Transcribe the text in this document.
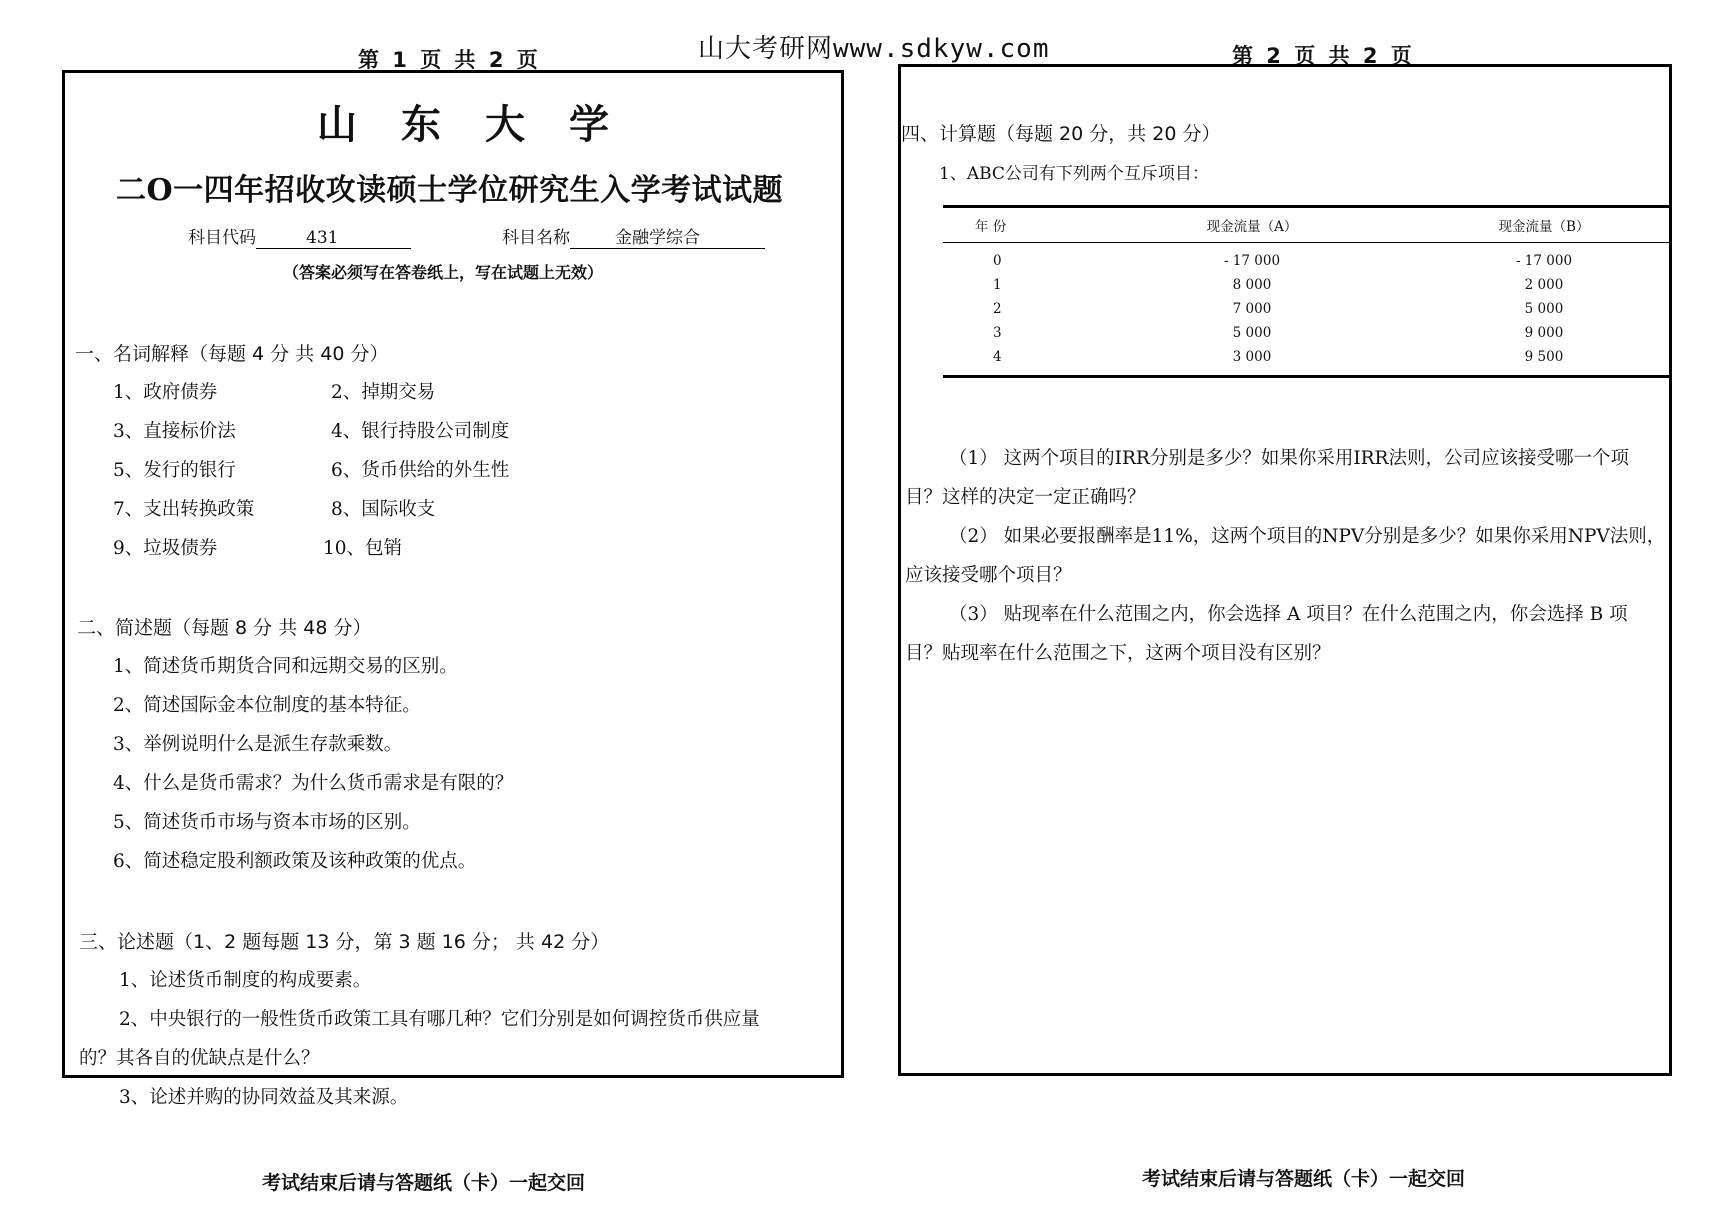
第 1 页 共 2 页	山大考研网www.sdkyw.com	第 2 页 共 2 页
山东大学
二O一四年招收攻读硕士学位研究生入学考试试题
科目代码	431	科目名称	金融学综合
（答案必须写在答卷纸上，写在试题上无效）
一、名词解释（每题 4 分 共 40 分）
1、政府债券	2、掉期交易
3、直接标价法	4、银行持股公司制度
5、发行的银行	6、货币供给的外生性
7、支出转换政策	8、国际收支
9、垃圾债券	10、包销
二、简述题（每题 8 分 共 48 分）
1、简述货币期货合同和远期交易的区别。
2、简述国际金本位制度的基本特征。
3、举例说明什么是派生存款乘数。
4、什么是货币需求？为什么货币需求是有限的？
5、简述货币市场与资本市场的区别。
6、简述稳定股利额政策及该种政策的优点。
三、论述题（1、2 题每题 13 分，第 3 题 16 分； 共 42 分）
1、论述货币制度的构成要素。
2、中央银行的一般性货币政策工具有哪几种？它们分别是如何调控货币供应量
的？其各自的优缺点是什么？
3、论述并购的协同效益及其来源。
四、计算题（每题 20 分，共 20 分）
1、ABC公司有下列两个互斥项目：
年 份	现金流量（A）	现金流量（B）
0	- 17 000	- 17 000
1	8 000	2 000
2	7 000	5 000
3	5 000	9 000
4	3 000	9 500
（1） 这两个项目的IRR分别是多少？如果你采用IRR法则，公司应该接受哪一个项
目？这样的决定一定正确吗？
（2） 如果必要报酬率是11%，这两个项目的NPV分别是多少？如果你采用NPV法则，
应该接受哪个项目？
（3） 贴现率在什么范围之内，你会选择 A 项目？在什么范围之内，你会选择 B 项
目？贴现率在什么范围之下，这两个项目没有区别？
考试结束后请与答题纸（卡）一起交回	考试结束后请与答题纸（卡）一起交回
